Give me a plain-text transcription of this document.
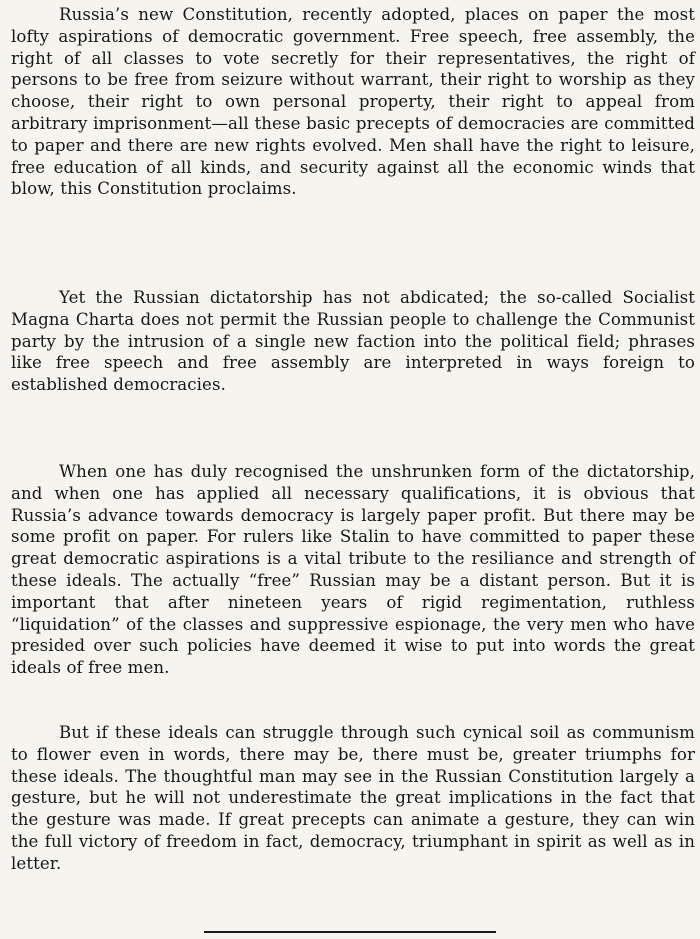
Russia’s new Constitution, recently adopted, places on paper the most lofty aspirations of democratic government. Free speech, free assembly, the right of all classes to vote secretly for their representatives, the right of persons to be free from seizure without warrant, their right to worship as they choose, their right to own personal property, their right to appeal from arbitrary imprisonment—all these basic precepts of democracies are committed to paper and there are new rights evolved. Men shall have the right to leisure, free education of all kinds, and security against all the economic winds that blow, this Constitution proclaims.

Yet the Russian dictatorship has not abdicated; the so-called Socialist Magna Charta does not permit the Russian people to challenge the Communist party by the intrusion of a single new faction into the political field; phrases like free speech and free assembly are interpreted in ways foreign to established democracies.

When one has duly recognised the unshrunken form of the dictatorship, and when one has applied all necessary qualifications, it is obvious that Russia’s advance towards democracy is largely paper profit. But there may be some profit on paper. For rulers like Stalin to have committed to paper these great democratic aspirations is a vital tribute to the resiliance and strength of these ideals. The actually “free” Russian may be a distant person. But it is important that after nineteen years of rigid regimentation, ruthless “liquidation” of the classes and suppressive espionage, the very men who have presided over such policies have deemed it wise to put into words the great ideals of free men.

But if these ideals can struggle through such cynical soil as communism to flower even in words, there may be, there must be, greater triumphs for these ideals. The thoughtful man may see in the Russian Constitution largely a gesture, but he will not underestimate the great implications in the fact that the gesture was made. If great precepts can animate a gesture, they can win the full victory of freedom in fact, democracy, triumphant in spirit as well as in letter.
